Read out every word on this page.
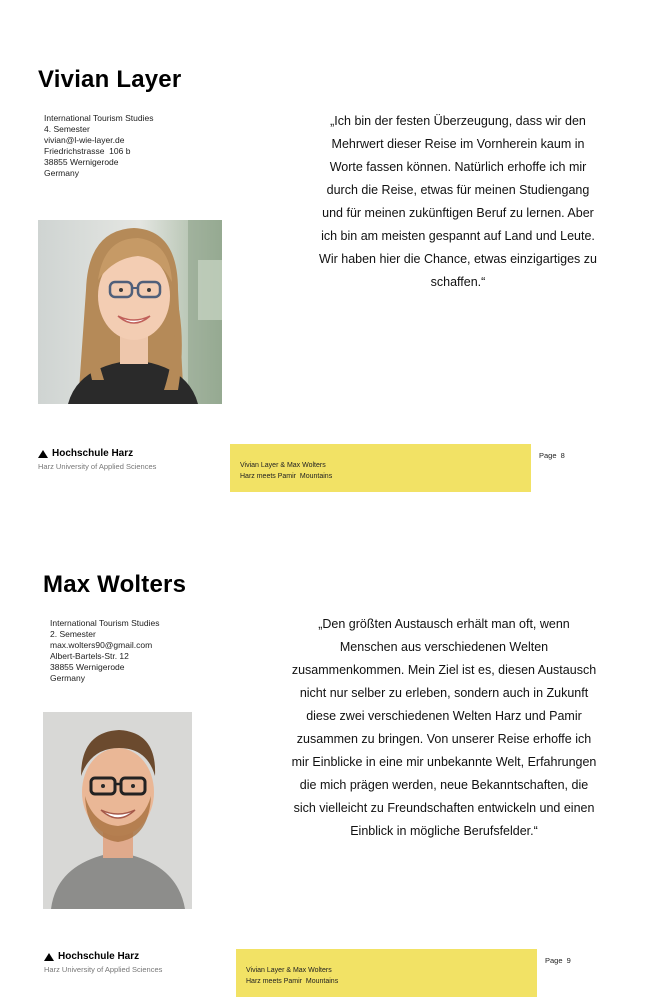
Vivian Layer
International Tourism Studies
4. Semester
vivian@l-wie-layer.de
Friedrichstrasse  106 b
38855 Wernigerode
Germany
„Ich bin der festen Überzeugung, dass wir den
Mehrwert dieser Reise im Vornherein kaum in
Worte fassen können. Natürlich erhoffe ich mir
durch die Reise, etwas für meinen Studiengang
und für meinen zukünftigen Beruf zu lernen. Aber
ich bin am meisten gespannt auf Land und Leute.
Wir haben hier die Chance, etwas einzigartiges zu
schaffen.“
Hochschule Harz
Harz University of Applied Sciences	Vivian Layer & Max Wolters
Harz meets Pamir  Mountains
Page  8
Max Wolters
International Tourism Studies
2. Semester
max.wolters90@gmail.com
Albert-Bartels-Str. 12
38855 Wernigerode
Germany
„Den größten Austausch erhält man oft, wenn
Menschen aus verschiedenen Welten
zusammenkommen. Mein Ziel ist es, diesen Austausch
nicht nur selber zu erleben, sondern auch in Zukunft
diese zwei verschiedenen Welten Harz und Pamir
zusammen zu bringen. Von unserer Reise erhoffe ich
mir Einblicke in eine mir unbekannte Welt, Erfahrungen
die mich prägen werden, neue Bekanntschaften, die
sich vielleicht zu Freundschaften entwickeln und einen
Einblick in mögliche Berufsfelder.“
Hochschule Harz
Harz University of Applied Sciences	Vivian Layer & Max Wolters
Harz meets Pamir  Mountains
Page  9
